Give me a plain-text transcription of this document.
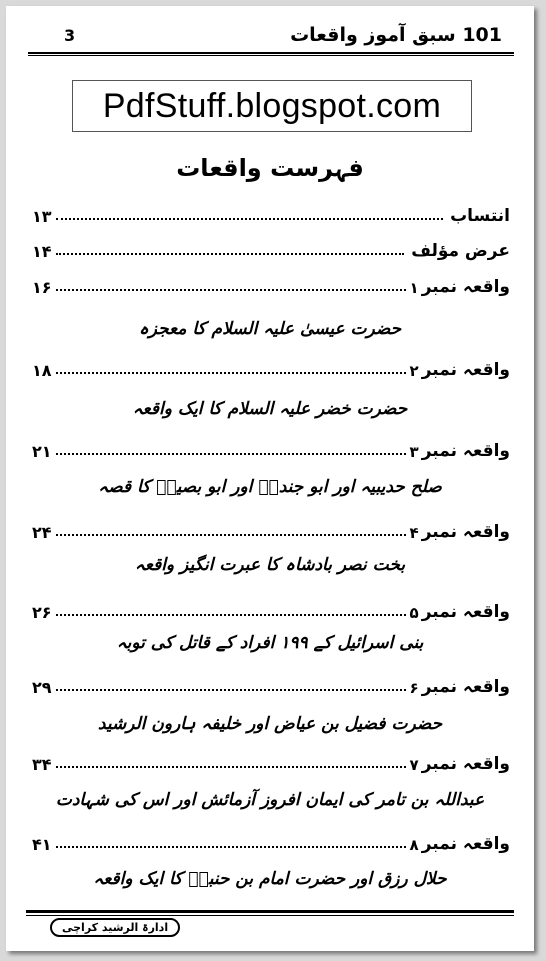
3	101 سبق آموز واقعات
PdfStuff.blogspot.com
فہرست واقعات
انتساب
۱۳
عرض مؤلف
۱۴
واقعہ نمبر
۱
۱۶
حضرت عیسیٰ علیہ السلام کا معجزہ
واقعہ نمبر
۲
۱۸
حضرت خضر علیہ السلام کا ایک واقعہ
واقعہ نمبر
۳
۲۱
صلح حدیبیہ اور ابو جندلؓ اور ابو بصیرؓ کا قصہ
واقعہ نمبر
۴
۲۴
بخت نصر بادشاہ کا عبرت انگیز واقعہ
واقعہ نمبر
۵
۲۶
بنی اسرائیل کے ۱۹۹ افراد کے قاتل کی توبہ
واقعہ نمبر
۶
۲۹
حضرت فضیل بن عیاض اور خلیفہ ہارون الرشید
واقعہ نمبر
۷
۳۴
عبداللہ بن تامر کی ایمان افروز آزمائش اور اس کی شہادت
واقعہ نمبر
۸
۴۱
حلال رزق اور حضرت امام بن حنبلؒ کا ایک واقعہ
ادارۃ الرشید کراچی
